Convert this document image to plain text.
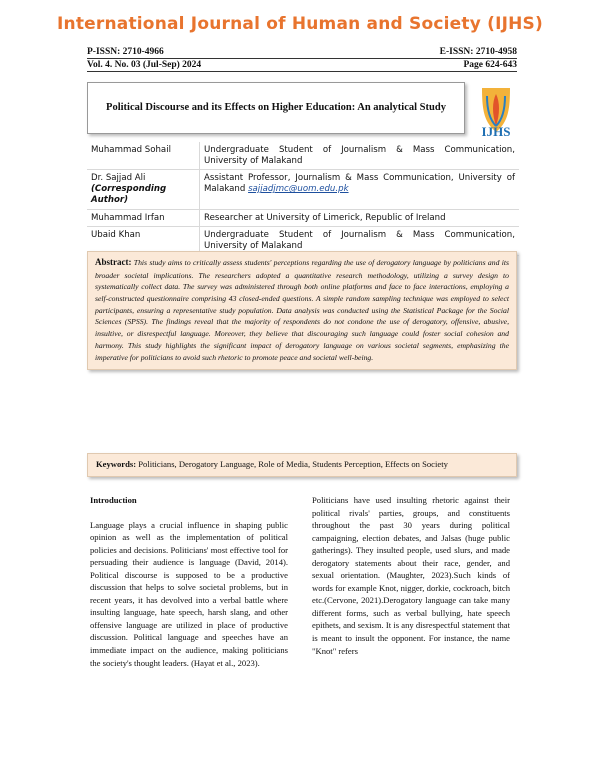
International Journal of Human and Society (IJHS)
P-ISSN: 2710-4966	E-ISSN: 2710-4958
Vol. 4. No. 03 (Jul-Sep) 2024	Page 624-643
Political Discourse and its Effects on Higher Education: An analytical Study
IJHS
Muhammad Sohail	Undergraduate Student of Journalism & Mass Communication, University of Malakand

Dr. Sajjad Ali
(Corresponding Author)	Assistant Professor, Journalism & Mass Communication, University of Malakand sajjadjmc@uom.edu.pk
Muhammad Irfan	Researcher at University of Limerick, Republic of Ireland
Ubaid Khan	Undergraduate Student of Journalism & Mass Communication, University of Malakand
Abstract: This study aims to critically assess students' perceptions regarding the use of derogatory language by politicians and its broader societal implications. The researchers adopted a quantitative research methodology, utilizing a survey design to systematically collect data. The survey was administered through both online platforms and face to face interactions, employing a self-constructed questionnaire comprising 43 closed-ended questions. A simple random sampling technique was employed to select participants, ensuring a representative study population. Data analysis was conducted using the Statistical Package for the Social Sciences (SPSS). The findings reveal that the majority of respondents do not condone the use of derogatory, offensive, abusive, insultive, or disrespectful language. Moreover, they believe that discouraging such language could foster social cohesion and harmony. This study highlights the significant impact of derogatory language on various societal segments, emphasizing the imperative for politicians to avoid such rhetoric to promote peace and societal well-being.
Keywords: Politicians, Derogatory Language, Role of Media, Students Perception, Effects on Society
Introduction

Language plays a crucial influence in shaping public opinion as well as the implementation of political policies and decisions. Politicians' most effective tool for persuading their audience is language (David, 2014). Political discourse is supposed to be a productive discussion that helps to solve societal problems, but in recent years, it has devolved into a verbal battle where insulting language, hate speech, harsh slang, and other offensive language are utilized in place of productive discussion. Political language and speeches have an immediate impact on the audience, making politicians the society's thought leaders. (Hayat et al., 2023).

Politicians have used insulting rhetoric against their political rivals' parties, groups, and constituents throughout the past 30 years during political campaigning, election debates, and Jalsas (huge public gatherings). They insulted people, used slurs, and made derogatory statements about their race, gender, and sexual orientation. (Maughter, 2023).Such kinds of words for example Knot, nigger, dorkie, cockroach, bitch etc.(Cervone, 2021).Derogatory language can take many different forms, such as verbal bullying, hate speech epithets, and sexism. It is any disrespectful statement that is meant to insult the opponent. For instance, the name "Knot" refers
